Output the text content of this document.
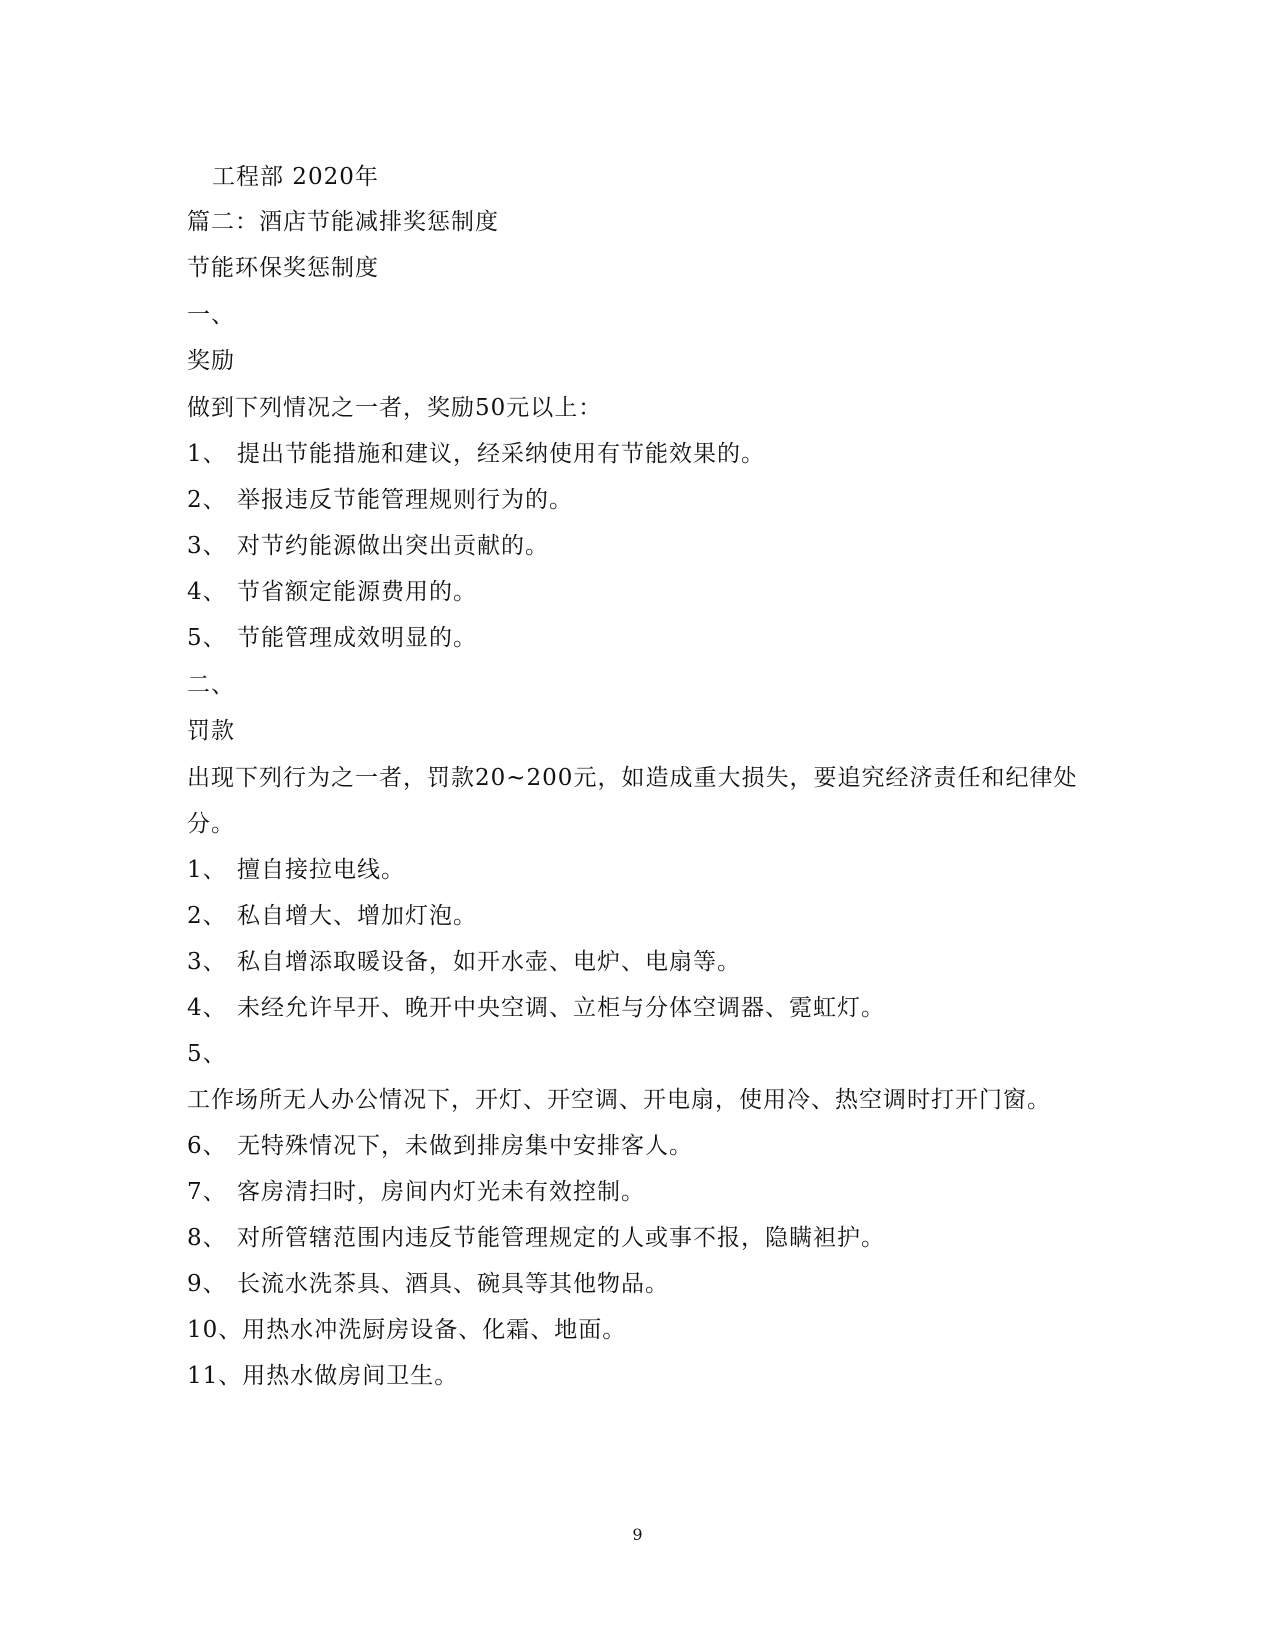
工程部 2020年
篇二：酒店节能减排奖惩制度
节能环保奖惩制度
一、
奖励
做到下列情况之一者，奖励50元以上：
1、 提出节能措施和建议，经采纳使用有节能效果的。
2、 举报违反节能管理规则行为的。
3、 对节约能源做出突出贡献的。
4、 节省额定能源费用的。
5、 节能管理成效明显的。
二、
罚款
出现下列行为之一者，罚款20~200元，如造成重大损失，要追究经济责任和纪律处
分。
1、 擅自接拉电线。
2、 私自增大、增加灯泡。
3、 私自增添取暖设备，如开水壶、电炉、电扇等。
4、 未经允许早开、晚开中央空调、立柜与分体空调器、霓虹灯。
5、
工作场所无人办公情况下，开灯、开空调、开电扇，使用冷、热空调时打开门窗。
6、 无特殊情况下，未做到排房集中安排客人。
7、 客房清扫时，房间内灯光未有效控制。
8、 对所管辖范围内违反节能管理规定的人或事不报，隐瞒袒护。
9、 长流水洗茶具、酒具、碗具等其他物品。
10、用热水冲洗厨房设备、化霜、地面。
11、用热水做房间卫生。
9
